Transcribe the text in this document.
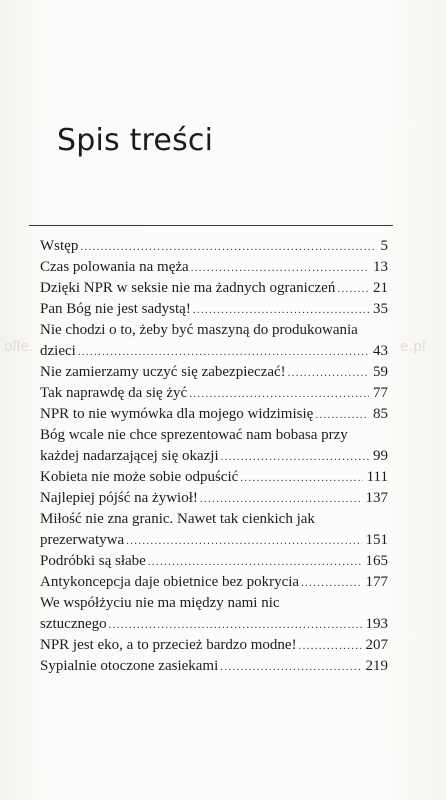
olle.	e.pl
Spis treści
Wstęp .....	5
Czas polowania na męża .....	13
Dzięki NPR w seksie nie ma żadnych ograniczeń .....	21
Pan Bóg nie jest sadystą! .....	35
Nie chodzi o to, żeby być maszyną do produkowania
dzieci .....	43
Nie zamierzamy uczyć się zabezpieczać! .....	59
Tak naprawdę da się żyć .....	77
NPR to nie wymówka dla mojego widzimisię .....	85
Bóg wcale nie chce sprezentować nam bobasa przy
każdej nadarzającej się okazji .....	99
Kobieta nie może sobie odpuścić .....	111
Najlepiej pójść na żywioł! .....	137
Miłość nie zna granic. Nawet tak cienkich jak
prezerwatywa .....	151
Podróbki są słabe .....	165
Antykoncepcja daje obietnice bez pokrycia .....	177
We współżyciu nie ma między nami nic
sztucznego .....	193
NPR jest eko, a to przecież bardzo modne! .....	207
Sypialnie otoczone zasiekami .....	219
